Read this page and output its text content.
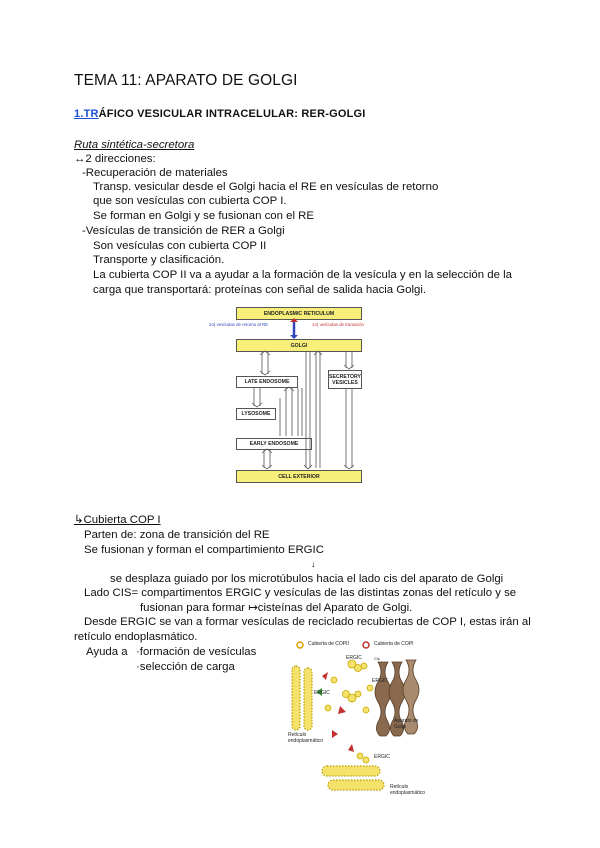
TEMA 11: APARATO DE GOLGI
1.TRÁFICO VESICULAR INTRACELULAR: RER-GOLGI
Ruta sintética-secretora
↔2 direcciones:
-Recuperación de materiales
Transp. vesicular desde el Golgi hacia el RE en vesículas de retorno
que son vesículas con cubierta COP I.
Se forman en Golgi y se fusionan con el RE
-Vesículas de transición de RER a Golgi
Son vesículas con cubierta COP II
Transporte y clasificación.
La cubierta COP II va a ayudar a la formación de la vesícula y en la selección de la
carga que transportará: proteínas con señal de salida hacia Golgi.
ENDOPLASMIC RETICULUM
GOLGI
2o) vesículas de retorno al RE	1o) vesículas de transición
LATE ENDOSOME
LYSOSOME
SECRETORY VESICLES
EARLY ENDOSOME
CELL EXTERIOR
↳Cubierta COP I
Parten de: zona de transición del RE
Se fusionan y forman el compartimiento ERGIC
↓
se desplaza guiado por los microtúbulos hacia el lado cis del aparato de Golgi
Lado CIS= compartimentos ERGIC y vesículas de las distintas zonas del retículo y se
fusionan para formar ↦cisteínas del Aparato de Golgi.
Desde ERGIC se van a formar vesículas de reciclado recubiertas de COP I, estas irán al
retículo endoplasmático.
Ayuda a ·formación de vesículas
·selección de carga
Cubierta de COPII	Cubierta de COPI
ERGIC	Cis
ERGIC
ERGIC
ERGIC
Aparato de Golgi
Retículo endoplasmático
Retículo endoplasmático
